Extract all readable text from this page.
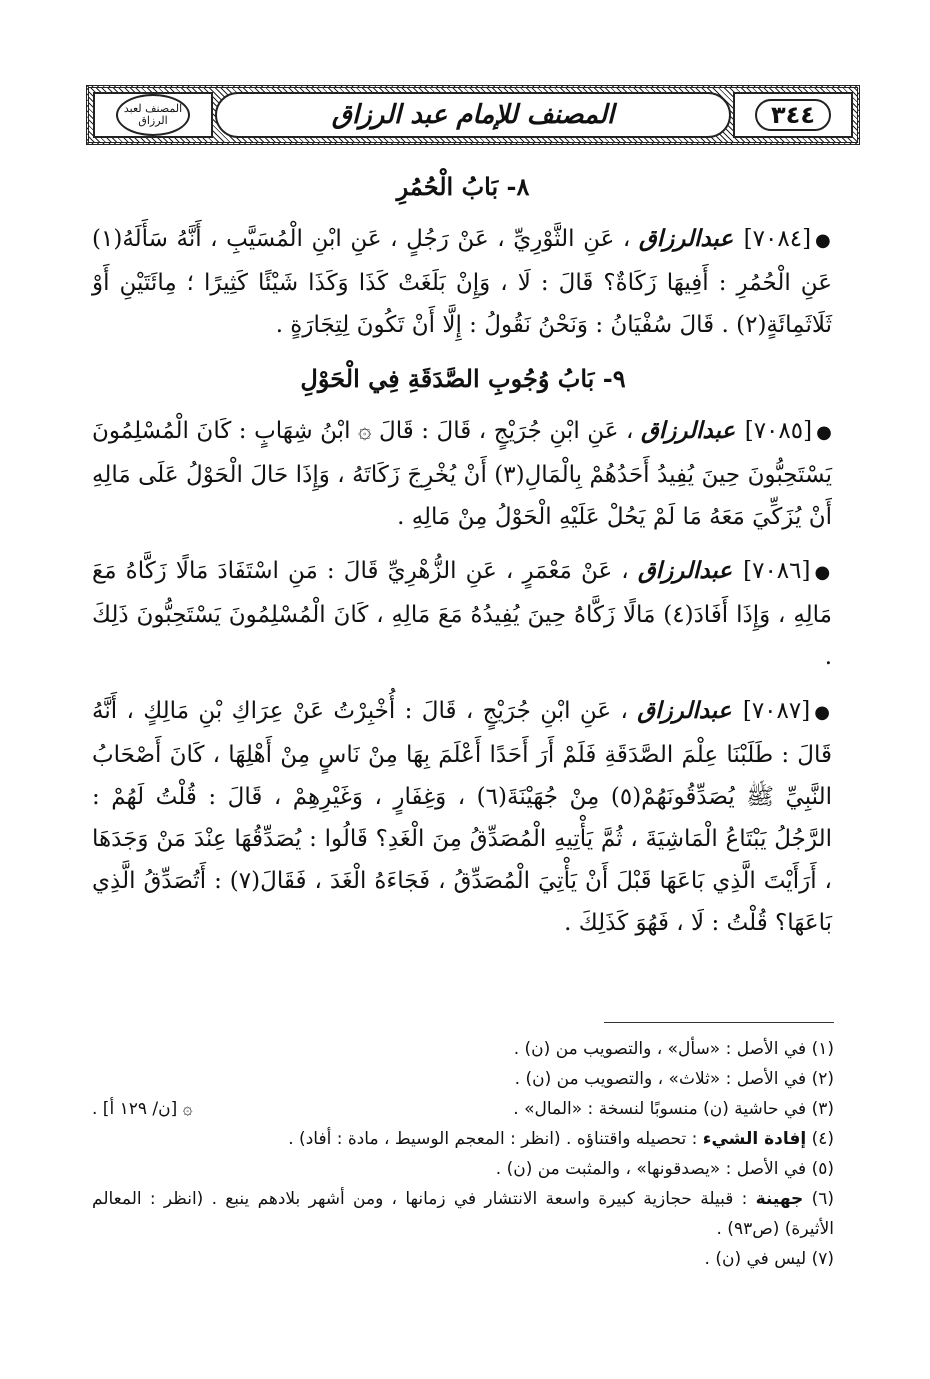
٣٤٤
المصنف للإمام عبد الرزاق
المصنف لعبد الرزاق
٨- بَابُ الْحُمُرِ

●[٧٠٨٤] عبدالرزاق ، عَنِ الثَّوْرِيِّ ، عَنْ رَجُلٍ ، عَنِ ابْنِ الْمُسَيَّبِ ، أَنَّهُ سَأَلَهُ(١) عَنِ الْحُمُرِ : أَفِيهَا زَكَاةٌ؟ قَالَ : لَا ، وَإِنْ بَلَغَتْ كَذَا وَكَذَا شَيْئًا كَثِيرًا ؛ مِائَتَيْنِ أَوْ ثَلَاثَمِائَةٍ(٢) . قَالَ سُفْيَانُ : وَنَحْنُ نَقُولُ : إِلَّا أَنْ تَكُونَ لِتِجَارَةٍ .

٩- بَابُ وُجُوبِ الصَّدَقَةِ فِي الْحَوْلِ

●[٧٠٨٥] عبدالرزاق ، عَنِ ابْنِ جُرَيْجٍ ، قَالَ : قَالَ ۞ ابْنُ شِهَابٍ : كَانَ الْمُسْلِمُونَ يَسْتَحِبُّونَ حِينَ يُفِيدُ أَحَدُهُمْ بِالْمَالِ(٣) أَنْ يُخْرِجَ زَكَاتَهُ ، وَإِذَا حَالَ الْحَوْلُ عَلَى مَالِهِ أَنْ يُزَكِّيَ مَعَهُ مَا لَمْ يَحُلْ عَلَيْهِ الْحَوْلُ مِنْ مَالِهِ .

●[٧٠٨٦] عبدالرزاق ، عَنْ مَعْمَرٍ ، عَنِ الزُّهْرِيِّ قَالَ : مَنِ اسْتَفَادَ مَالًا زَكَّاهُ مَعَ مَالِهِ ، وَإِذَا أَفَادَ(٤) مَالًا زَكَّاهُ حِينَ يُفِيدُهُ مَعَ مَالِهِ ، كَانَ الْمُسْلِمُونَ يَسْتَحِبُّونَ ذَلِكَ .

●[٧٠٨٧] عبدالرزاق ، عَنِ ابْنِ جُرَيْجٍ ، قَالَ : أُخْبِرْتُ عَنْ عِرَاكِ بْنِ مَالِكٍ ، أَنَّهُ قَالَ : طَلَبْنَا عِلْمَ الصَّدَقَةِ فَلَمْ أَرَ أَحَدًا أَعْلَمَ بِهَا مِنْ نَاسٍ مِنْ أَهْلِهَا ، كَانَ أَصْحَابُ النَّبِيِّ ﷺ يُصَدِّقُونَهُمْ(٥) مِنْ جُهَيْنَةَ(٦) ، وَغِفَارٍ ، وَغَيْرِهِمْ ، قَالَ : قُلْتُ لَهُمْ : الرَّجُلُ يَبْتَاعُ الْمَاشِيَةَ ، ثُمَّ يَأْتِيهِ الْمُصَدِّقُ مِنَ الْغَدِ؟ قَالُوا : يُصَدِّقُهَا عِنْدَ مَنْ وَجَدَهَا ، أَرَأَيْتَ الَّذِي بَاعَهَا قَبْلَ أَنْ يَأْتِيَ الْمُصَدِّقُ ، فَجَاءَهُ الْغَدَ ، فَقَالَ(٧) : أَتُصَدِّقُ الَّذِي بَاعَهَا؟ قُلْتُ : لَا ، فَهُوَ كَذَلِكَ .

(١) في الأصل : «سأل» ، والتصويب من (ن) .

(٢) في الأصل : «ثلاث» ، والتصويب من (ن) .

(٣) في حاشية (ن) منسوبًا لنسخة : «المال» .
۞ [ن/ ١٢٩ أ] .

(٤) إفادة الشيء : تحصيله واقتناؤه . (انظر : المعجم الوسيط ، مادة : أفاد) .

(٥) في الأصل : «يصدقونها» ، والمثبت من (ن) .

(٦) جهينة : قبيلة حجازية كبيرة واسعة الانتشار في زمانها ، ومن أشهر بلادهم ينبع . (انظر : المعالم الأثيرة) (ص٩٣) .

(٧) ليس في (ن) .
